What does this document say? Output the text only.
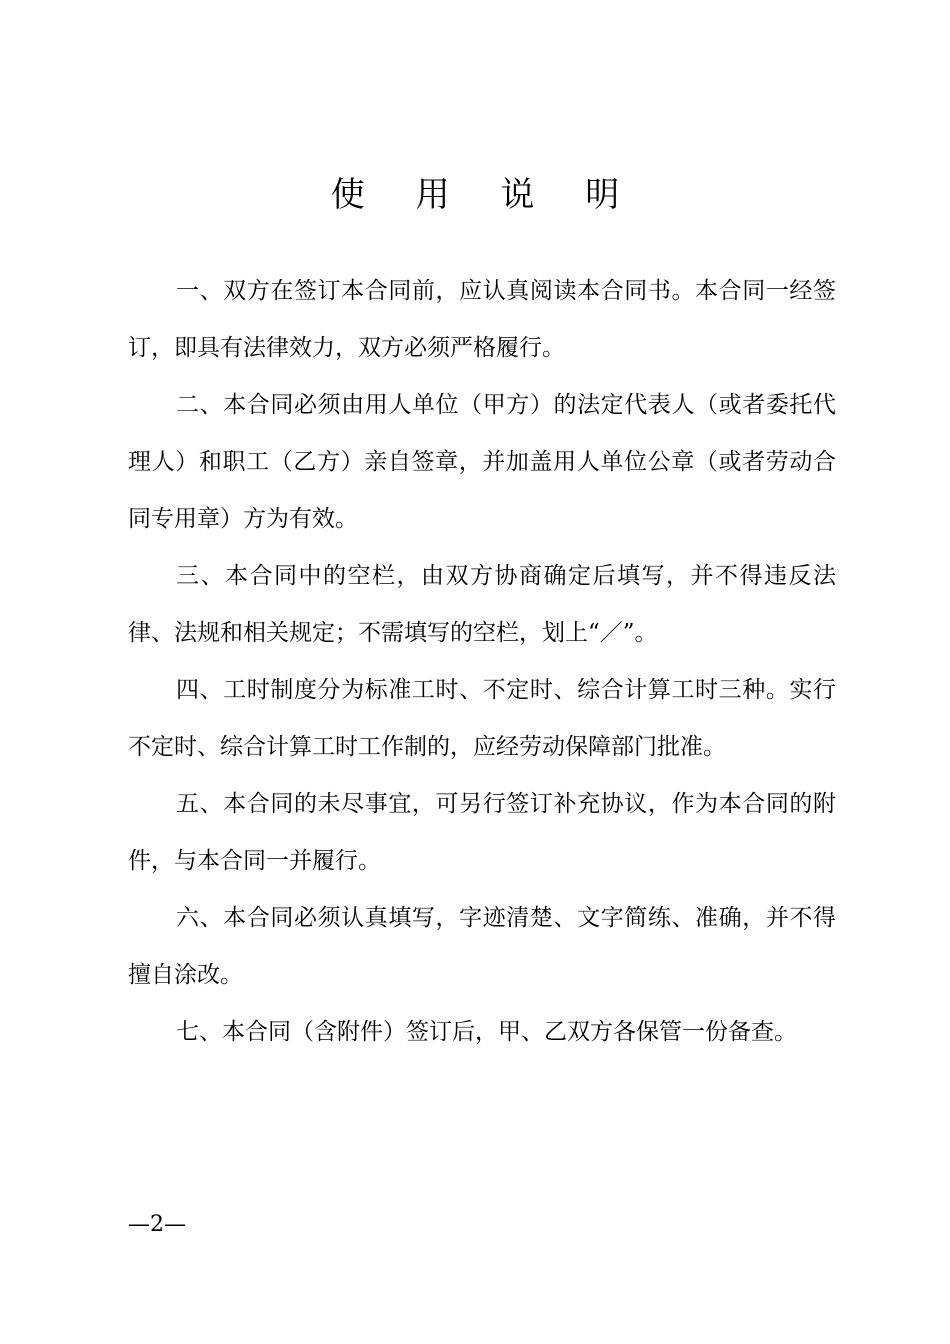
使 用 说 明

一、双方在签订本合同前，应认真阅读本合同书。本合同一经签订，即具有法律效力，双方必须严格履行。

二、本合同必须由用人单位（甲方）的法定代表人（或者委托代理人）和职工（乙方）亲自签章，并加盖用人单位公章（或者劳动合同专用章）方为有效。

三、本合同中的空栏，由双方协商确定后填写，并不得违反法律、法规和相关规定；不需填写的空栏，划上“／”。

四、工时制度分为标准工时、不定时、综合计算工时三种。实行不定时、综合计算工时工作制的，应经劳动保障部门批准。

五、本合同的未尽事宜，可另行签订补充协议，作为本合同的附件，与本合同一并履行。

六、本合同必须认真填写，字迹清楚、文字简练、准确，并不得擅自涂改。

七、本合同（含附件）签订后，甲、乙双方各保管一份备查。

—2—
